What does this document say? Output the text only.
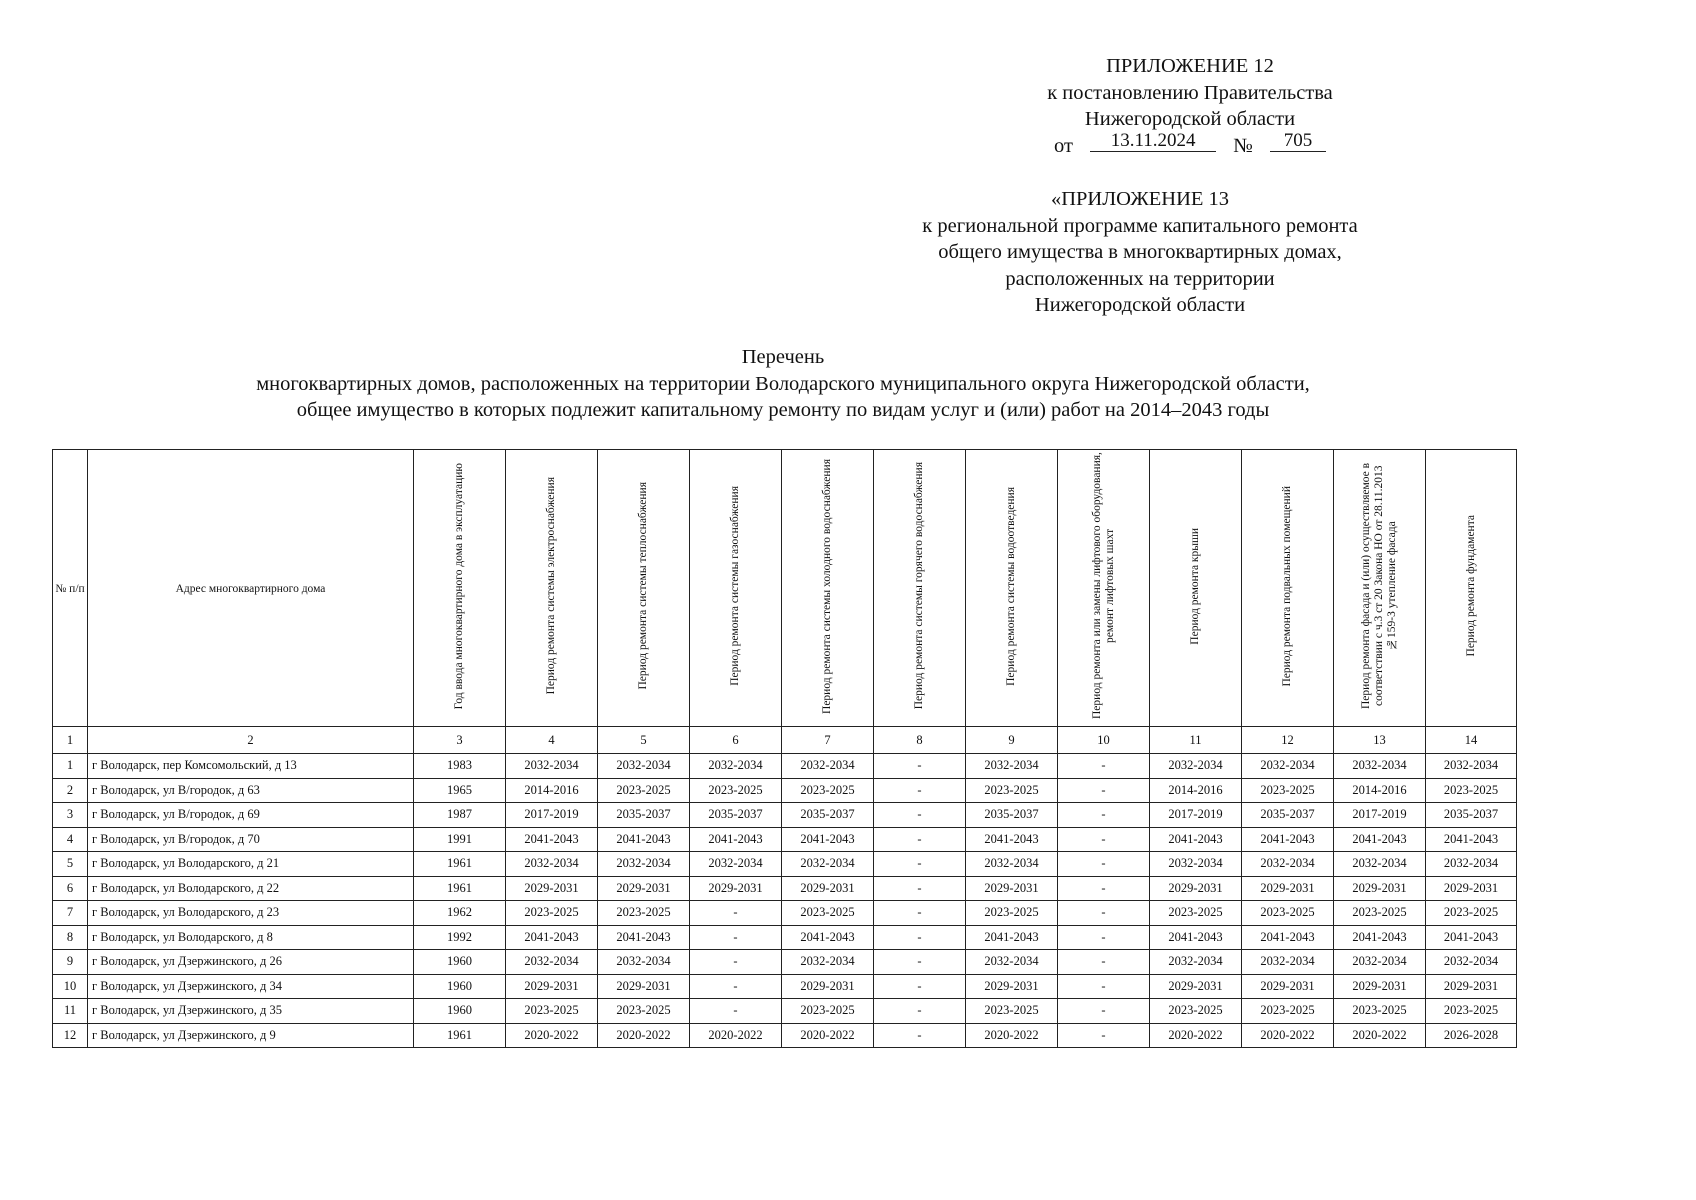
ПРИЛОЖЕНИЕ 12
к постановлению Правительства
Нижегородской области
от 13.11.2024 № 705
«ПРИЛОЖЕНИЕ 13
к региональной программе капитального ремонта
общего имущества в многоквартирных домах,
расположенных на территории
Нижегородской области
Перечень
многоквартирных домов, расположенных на территории Володарского муниципального округа Нижегородской области,
общее имущество в которых подлежит капитальному ремонту по видам услуг и (или) работ на 2014–2043 годы
№ п/п	Адрес многоквартирного дома	Год ввода многоквартирного дома в эксплуатацию	Период ремонта системы электроснабжения	Период ремонта системы теплоснабжения	Период ремонта системы газоснабжения	Период ремонта системы холодного водоснабжения	Период ремонта системы горячего водоснабжения	Период ремонта системы водоотведения	Период ремонта или замены лифтового оборудования, ремонт лифтовых шахт	Период ремонта крыши	Период ремонта подвальных помещений	Период ремонта фасада и (или) осуществляемое в соответствии с ч.3 ст 20 Закона НО от 28.11.2013 №159-З утепление фасада	Период ремонта фундамента
1	2	3	4	5	6	7	8	9	10	11	12	13	14
1	г Володарск, пер Комсомольский, д 13	1983	2032-2034	2032-2034	2032-2034	2032-2034	-	2032-2034	-	2032-2034	2032-2034	2032-2034	2032-2034
2	г Володарск, ул В/городок, д 63	1965	2014-2016	2023-2025	2023-2025	2023-2025	-	2023-2025	-	2014-2016	2023-2025	2014-2016	2023-2025
3	г Володарск, ул В/городок, д 69	1987	2017-2019	2035-2037	2035-2037	2035-2037	-	2035-2037	-	2017-2019	2035-2037	2017-2019	2035-2037
4	г Володарск, ул В/городок, д 70	1991	2041-2043	2041-2043	2041-2043	2041-2043	-	2041-2043	-	2041-2043	2041-2043	2041-2043	2041-2043
5	г Володарск, ул Володарского, д 21	1961	2032-2034	2032-2034	2032-2034	2032-2034	-	2032-2034	-	2032-2034	2032-2034	2032-2034	2032-2034
6	г Володарск, ул Володарского, д 22	1961	2029-2031	2029-2031	2029-2031	2029-2031	-	2029-2031	-	2029-2031	2029-2031	2029-2031	2029-2031
7	г Володарск, ул Володарского, д 23	1962	2023-2025	2023-2025	-	2023-2025	-	2023-2025	-	2023-2025	2023-2025	2023-2025	2023-2025
8	г Володарск, ул Володарского, д 8	1992	2041-2043	2041-2043	-	2041-2043	-	2041-2043	-	2041-2043	2041-2043	2041-2043	2041-2043
9	г Володарск, ул Дзержинского, д 26	1960	2032-2034	2032-2034	-	2032-2034	-	2032-2034	-	2032-2034	2032-2034	2032-2034	2032-2034
10	г Володарск, ул Дзержинского, д 34	1960	2029-2031	2029-2031	-	2029-2031	-	2029-2031	-	2029-2031	2029-2031	2029-2031	2029-2031
11	г Володарск, ул Дзержинского, д 35	1960	2023-2025	2023-2025	-	2023-2025	-	2023-2025	-	2023-2025	2023-2025	2023-2025	2023-2025
12	г Володарск, ул Дзержинского, д 9	1961	2020-2022	2020-2022	2020-2022	2020-2022	-	2020-2022	-	2020-2022	2020-2022	2020-2022	2026-2028
